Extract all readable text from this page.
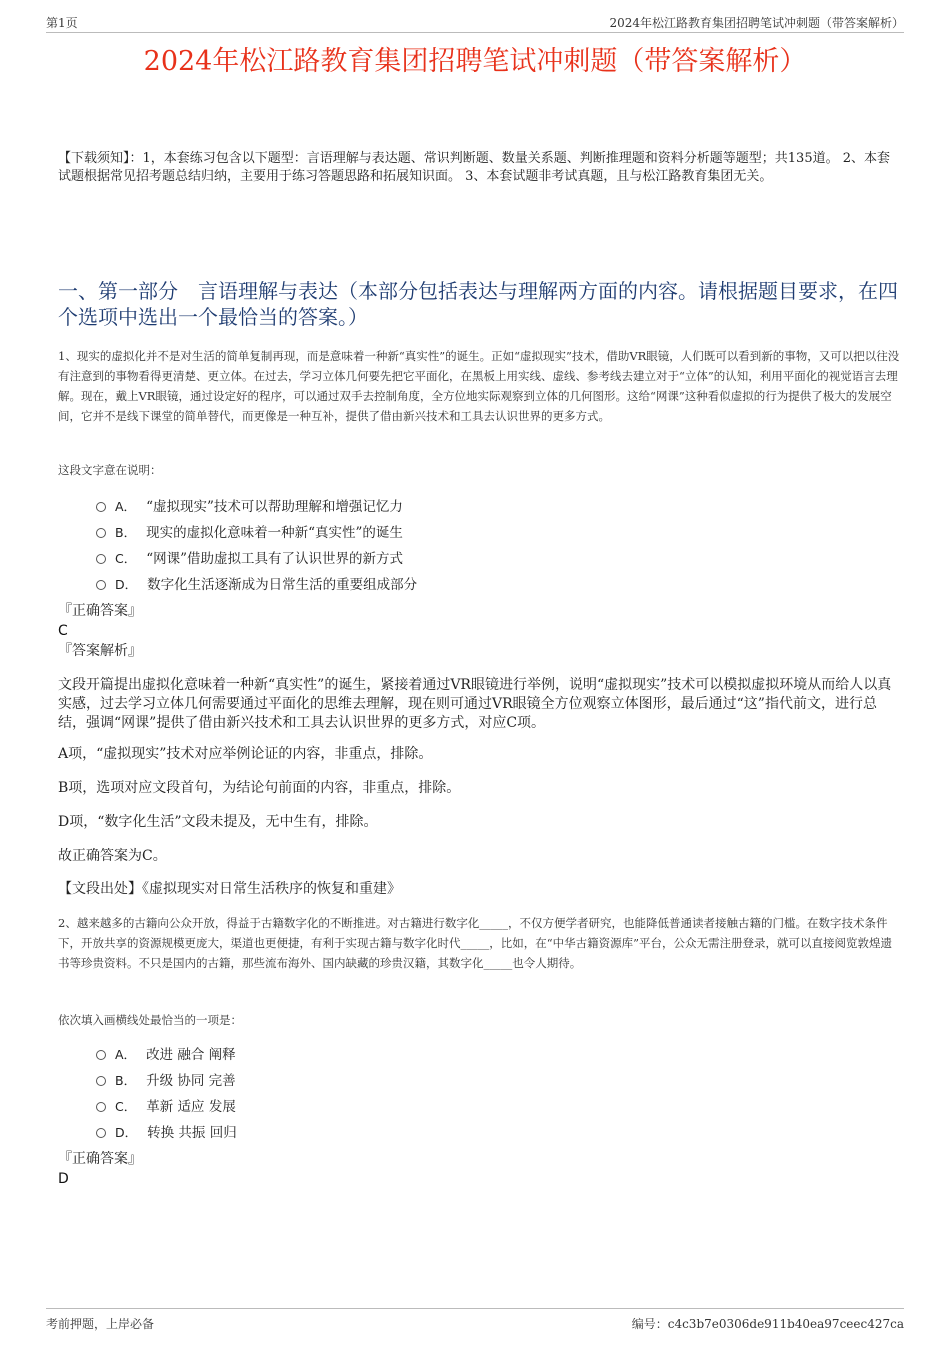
第1页	2024年松江路教育集团招聘笔试冲刺题（带答案解析）
2024年松江路教育集团招聘笔试冲刺题（带答案解析）
【下载须知】：1，本套练习包含以下题型：言语理解与表达题、常识判断题、数量关系题、判断推理题和资料分析题等题型；共135道。 2、本套试题根据常见招考题总结归纳，主要用于练习答题思路和拓展知识面。 3、本套试题非考试真题，且与松江路教育集团无关。
一、第一部分　言语理解与表达（本部分包括表达与理解两方面的内容。请根据题目要求，在四个选项中选出一个最恰当的答案。）
1、现实的虚拟化并不是对生活的简单复制再现，而是意味着一种新“真实性”的诞生。正如“虚拟现实”技术，借助VR眼镜，人们既可以看到新的事物，又可以把以往没有注意到的事物看得更清楚、更立体。在过去，学习立体几何要先把它平面化，在黑板上用实线、虚线、参考线去建立对于“立体”的认知，利用平面化的视觉语言去理解。现在，戴上VR眼镜，通过设定好的程序，可以通过双手去控制角度，全方位地实际观察到立体的几何图形。这给“网课”这种看似虚拟的行为提供了极大的发展空间，它并不是线下课堂的简单替代，而更像是一种互补，提供了借由新兴技术和工具去认识世界的更多方式。
这段文字意在说明：
A． “虚拟现实”技术可以帮助理解和增强记忆力
B． 现实的虚拟化意味着一种新“真实性”的诞生
C． “网课”借助虚拟工具有了认识世界的新方式
D． 数字化生活逐渐成为日常生活的重要组成部分
『正确答案』
C
『答案解析』
文段开篇提出虚拟化意味着一种新“真实性”的诞生，紧接着通过VR眼镜进行举例，说明“虚拟现实”技术可以模拟虚拟环境从而给人以真实感，过去学习立体几何需要通过平面化的思维去理解，现在则可通过VR眼镜全方位观察立体图形，最后通过“这”指代前文，进行总结，强调“网课”提供了借由新兴技术和工具去认识世界的更多方式，对应C项。
A项，“虚拟现实”技术对应举例论证的内容，非重点，排除。
B项，选项对应文段首句，为结论句前面的内容，非重点，排除。
D项，“数字化生活”文段未提及，无中生有，排除。
故正确答案为C。
【文段出处】《虚拟现实对日常生活秩序的恢复和重建》
2、越来越多的古籍向公众开放，得益于古籍数字化的不断推进。对古籍进行数字化_____，不仅方便学者研究，也能降低普通读者接触古籍的门槛。在数字技术条件下，开放共享的资源规模更庞大，渠道也更便捷，有利于实现古籍与数字化时代_____，比如，在“中华古籍资源库”平台，公众无需注册登录，就可以直接阅览敦煌遗书等珍贵资料。不只是国内的古籍，那些流布海外、国内缺藏的珍贵汉籍，其数字化_____也令人期待。
依次填入画横线处最恰当的一项是：
A． 改进 融合 阐释
B． 升级 协同 完善
C． 革新 适应 发展
D． 转换 共振 回归
『正确答案』
D
考前押题，上岸必备	编号：c4c3b7e0306de911b40ea97ceec427ca
